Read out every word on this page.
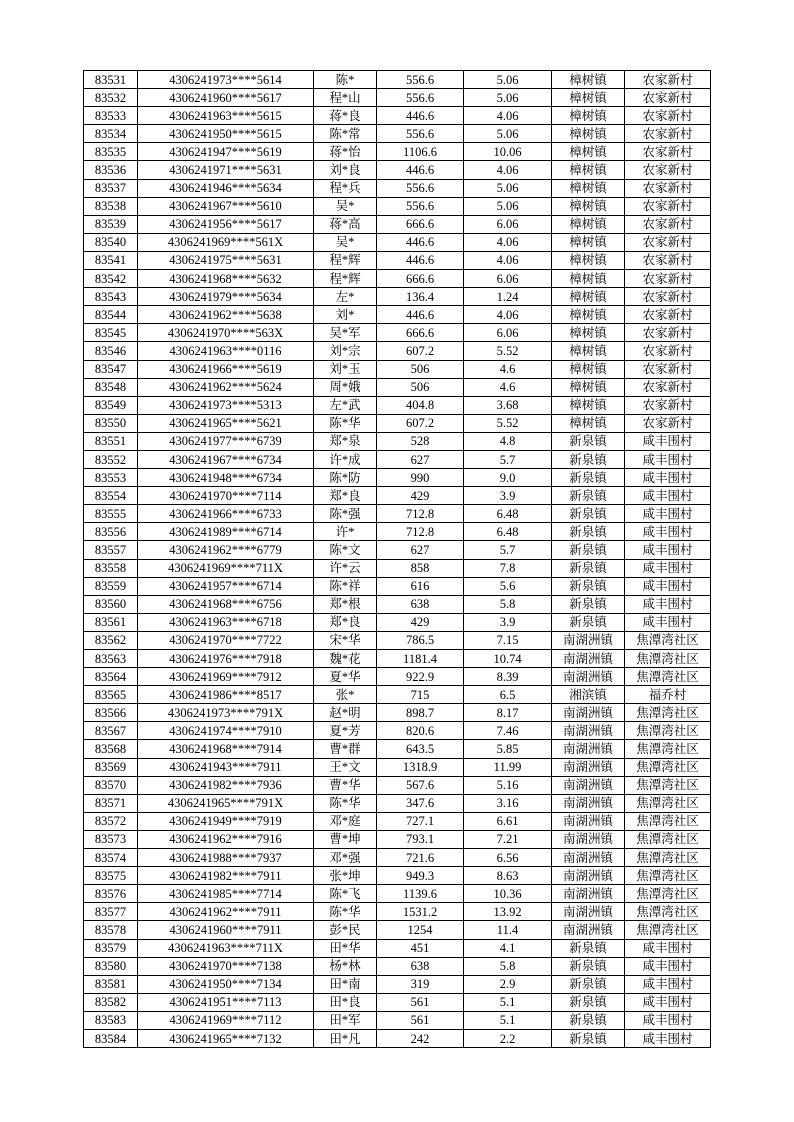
83531	4306241973****5614	陈*	556.6	5.06	樟树镇	农家新村
83532	4306241960****5617	程*山	556.6	5.06	樟树镇	农家新村
83533	4306241963****5615	蒋*良	446.6	4.06	樟树镇	农家新村
83534	4306241950****5615	陈*常	556.6	5.06	樟树镇	农家新村
83535	4306241947****5619	蒋*怡	1106.6	10.06	樟树镇	农家新村
83536	4306241971****5631	刘*良	446.6	4.06	樟树镇	农家新村
83537	4306241946****5634	程*兵	556.6	5.06	樟树镇	农家新村
83538	4306241967****5610	吴*	556.6	5.06	樟树镇	农家新村
83539	4306241956****5617	蒋*高	666.6	6.06	樟树镇	农家新村
83540	4306241969****561X	吴*	446.6	4.06	樟树镇	农家新村
83541	4306241975****5631	程*辉	446.6	4.06	樟树镇	农家新村
83542	4306241968****5632	程*辉	666.6	6.06	樟树镇	农家新村
83543	4306241979****5634	左*	136.4	1.24	樟树镇	农家新村
83544	4306241962****5638	刘*	446.6	4.06	樟树镇	农家新村
83545	4306241970****563X	吴*军	666.6	6.06	樟树镇	农家新村
83546	4306241963****0116	刘*宗	607.2	5.52	樟树镇	农家新村
83547	4306241966****5619	刘*玉	506	4.6	樟树镇	农家新村
83548	4306241962****5624	周*娥	506	4.6	樟树镇	农家新村
83549	4306241973****5313	左*武	404.8	3.68	樟树镇	农家新村
83550	4306241965****5621	陈*华	607.2	5.52	樟树镇	农家新村
83551	4306241977****6739	郑*泉	528	4.8	新泉镇	咸丰围村
83552	4306241967****6734	许*成	627	5.7	新泉镇	咸丰围村
83553	4306241948****6734	陈*防	990	9.0	新泉镇	咸丰围村
83554	4306241970****7114	郑*良	429	3.9	新泉镇	咸丰围村
83555	4306241966****6733	陈*强	712.8	6.48	新泉镇	咸丰围村
83556	4306241989****6714	许*	712.8	6.48	新泉镇	咸丰围村
83557	4306241962****6779	陈*文	627	5.7	新泉镇	咸丰围村
83558	4306241969****711X	许*云	858	7.8	新泉镇	咸丰围村
83559	4306241957****6714	陈*祥	616	5.6	新泉镇	咸丰围村
83560	4306241968****6756	郑*根	638	5.8	新泉镇	咸丰围村
83561	4306241963****6718	郑*良	429	3.9	新泉镇	咸丰围村
83562	4306241970****7722	宋*华	786.5	7.15	南湖洲镇	焦潭湾社区
83563	4306241976****7918	魏*花	1181.4	10.74	南湖洲镇	焦潭湾社区
83564	4306241969****7912	夏*华	922.9	8.39	南湖洲镇	焦潭湾社区
83565	4306241986****8517	张*	715	6.5	湘滨镇	福乔村
83566	4306241973****791X	赵*明	898.7	8.17	南湖洲镇	焦潭湾社区
83567	4306241974****7910	夏*芳	820.6	7.46	南湖洲镇	焦潭湾社区
83568	4306241968****7914	曹*群	643.5	5.85	南湖洲镇	焦潭湾社区
83569	4306241943****7911	王*文	1318.9	11.99	南湖洲镇	焦潭湾社区
83570	4306241982****7936	曹*华	567.6	5.16	南湖洲镇	焦潭湾社区
83571	4306241965****791X	陈*华	347.6	3.16	南湖洲镇	焦潭湾社区
83572	4306241949****7919	邓*庭	727.1	6.61	南湖洲镇	焦潭湾社区
83573	4306241962****7916	曹*坤	793.1	7.21	南湖洲镇	焦潭湾社区
83574	4306241988****7937	邓*强	721.6	6.56	南湖洲镇	焦潭湾社区
83575	4306241982****7911	张*坤	949.3	8.63	南湖洲镇	焦潭湾社区
83576	4306241985****7714	陈*飞	1139.6	10.36	南湖洲镇	焦潭湾社区
83577	4306241962****7911	陈*华	1531.2	13.92	南湖洲镇	焦潭湾社区
83578	4306241960****7911	彭*民	1254	11.4	南湖洲镇	焦潭湾社区
83579	4306241963****711X	田*华	451	4.1	新泉镇	咸丰围村
83580	4306241970****7138	杨*林	638	5.8	新泉镇	咸丰围村
83581	4306241950****7134	田*南	319	2.9	新泉镇	咸丰围村
83582	4306241951****7113	田*良	561	5.1	新泉镇	咸丰围村
83583	4306241969****7112	田*军	561	5.1	新泉镇	咸丰围村
83584	4306241965****7132	田*凡	242	2.2	新泉镇	咸丰围村
